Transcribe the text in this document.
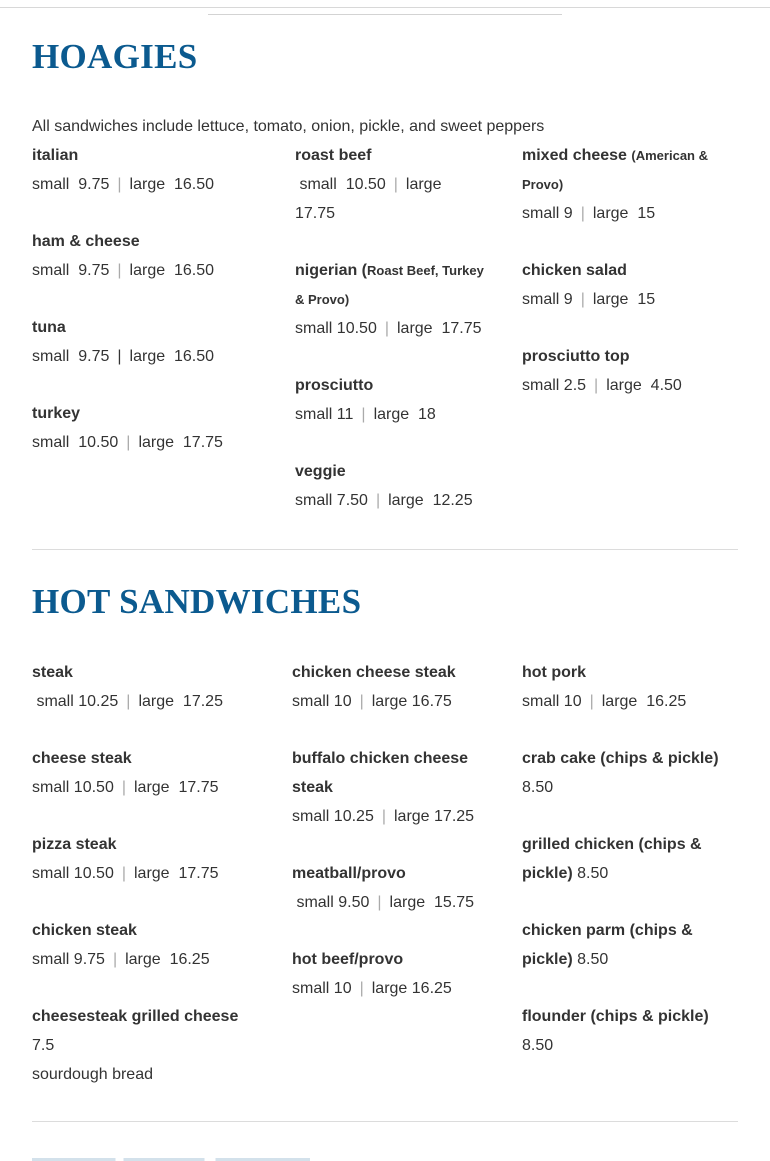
HOAGIES
All sandwiches include lettuce, tomato, onion, pickle, and sweet peppers
italian
small 9.75 | large 16.50
ham & cheese
small 9.75 | large 16.50
tuna
small 9.75 | large 16.50
turkey
small 10.50 | large 17.75
roast beef
small 10.50 | large
17.75
nigerian (Roast Beef, Turkey & Provo)
small 10.50 | large 17.75
prosciutto
small 11 | large 18
veggie
small 7.50 | large 12.25
mixed cheese (American & Provo)
small 9 | large 15
chicken salad
small 9 | large 15
prosciutto top
small 2.5 | large 4.50
HOT SANDWICHES
steak
small 10.25 | large 17.25
cheese steak
small 10.50 | large 17.75
pizza steak
small 10.50 | large 17.75
chicken steak
small 9.75 | large 16.25
cheesesteak grilled cheese
7.5
sourdough bread
chicken cheese steak
small 10 | large 16.75
buffalo chicken cheese steak
small 10.25 | large 17.25
meatball/provo
small 9.50 | large 15.75
hot beef/provo
small 10 | large 16.25
hot pork
small 10 | large 16.25
crab cake (chips & pickle)
8.50
grilled chicken (chips & pickle) 8.50
chicken parm (chips & pickle) 8.50
flounder (chips & pickle)
8.50
